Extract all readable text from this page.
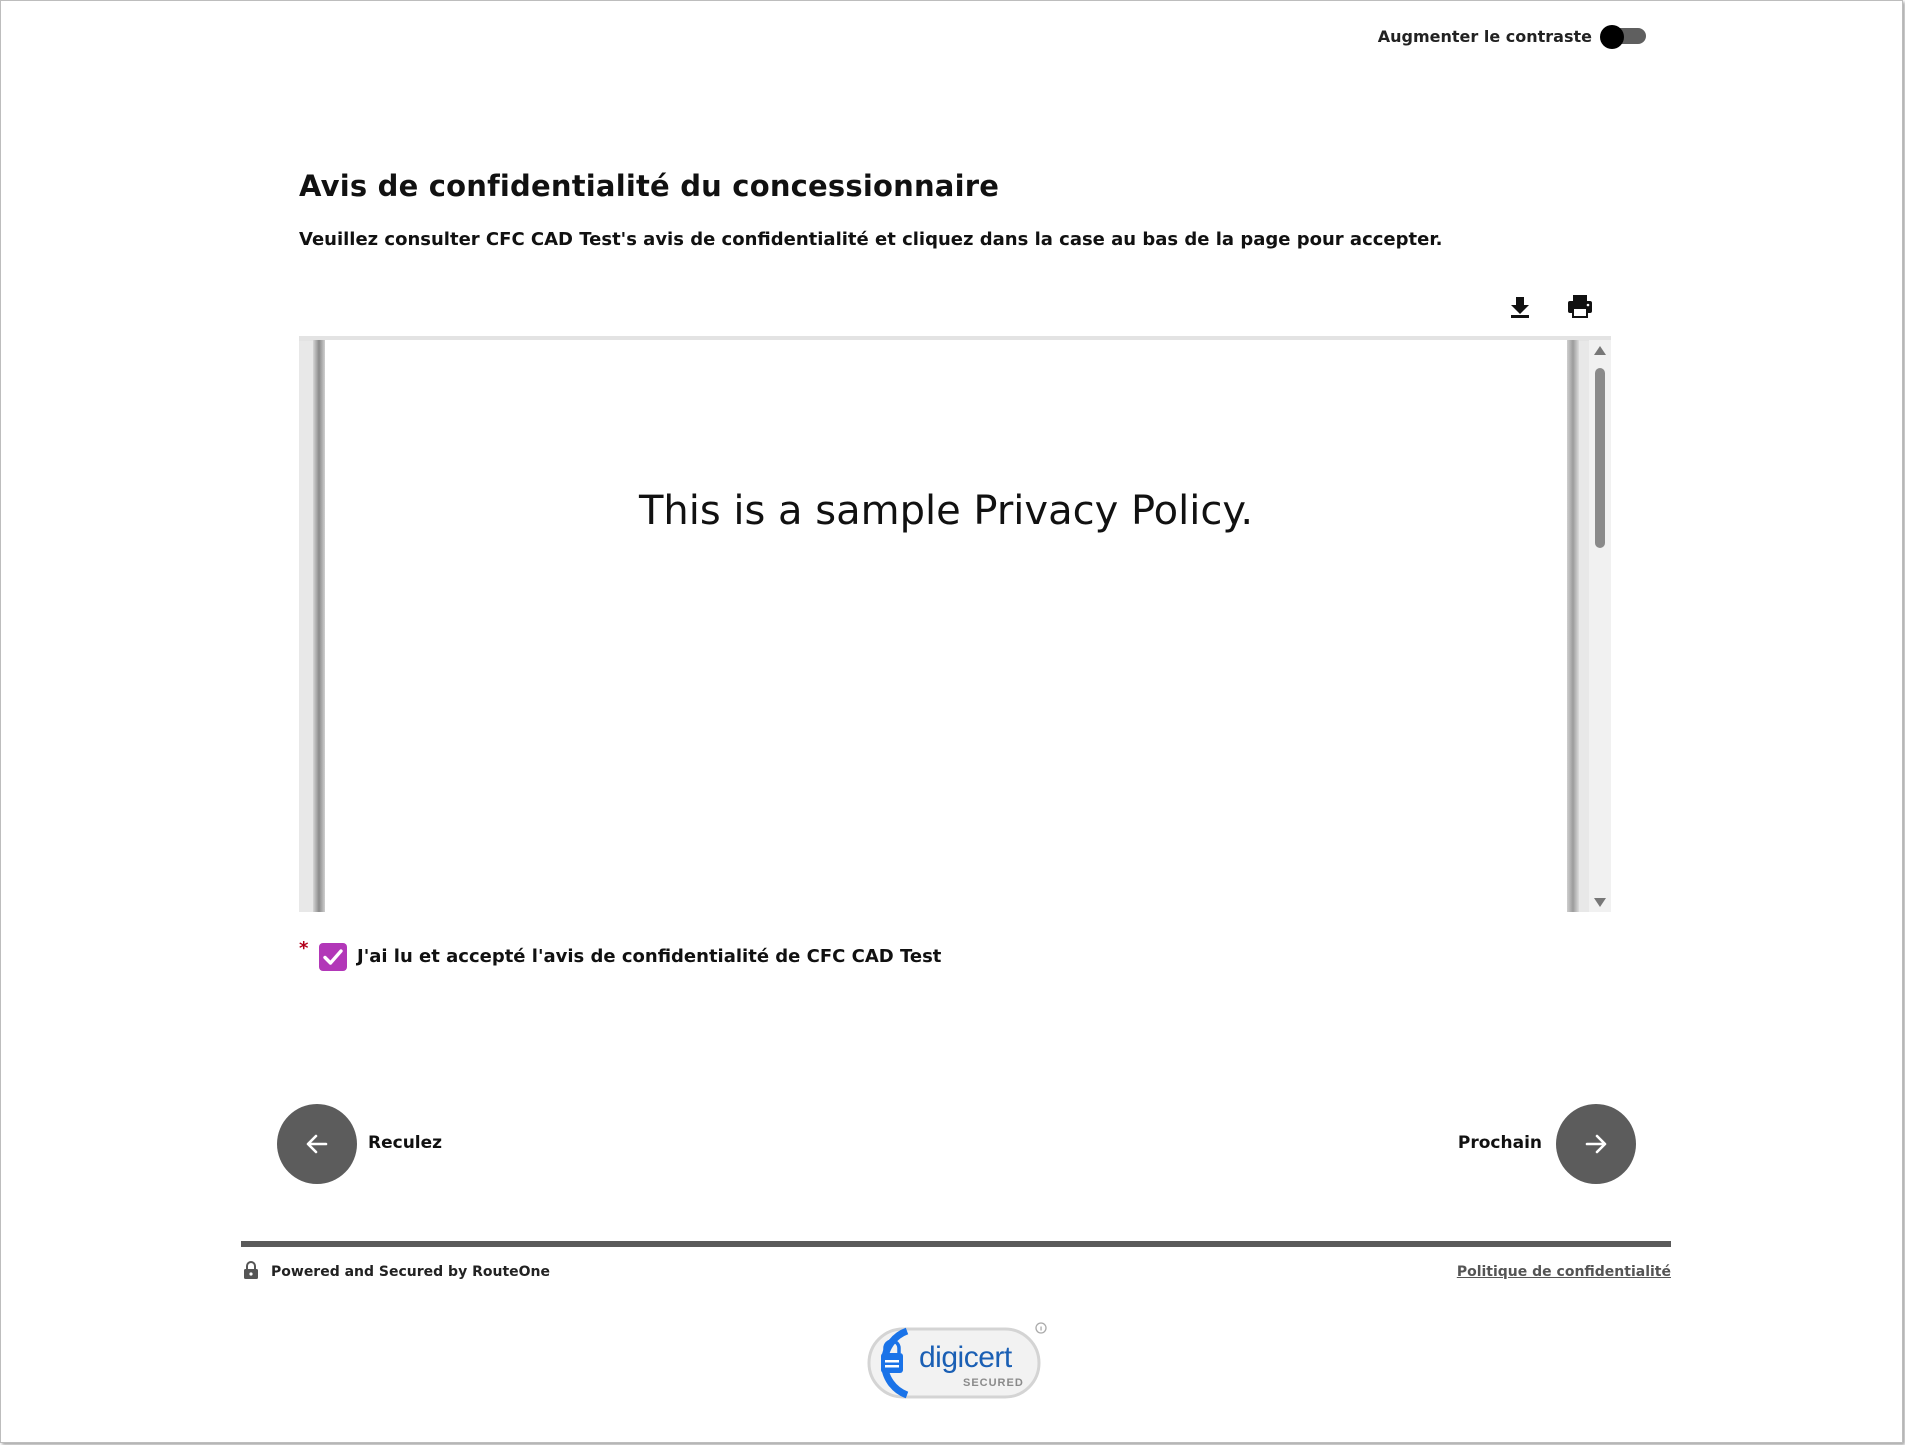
Augmenter le contraste
Avis de confidentialité du concessionnaire

Veuillez consulter CFC CAD Test's avis de confidentialité et cliquez dans la case au bas de la page pour accepter.

This is a sample Privacy Policy.
*	J'ai lu et accepté l'avis de confidentialité de CFC CAD Test
Reculez	Prochain
Powered and Secured by RouteOne	Politique de confidentialité
digicert
SECURED
